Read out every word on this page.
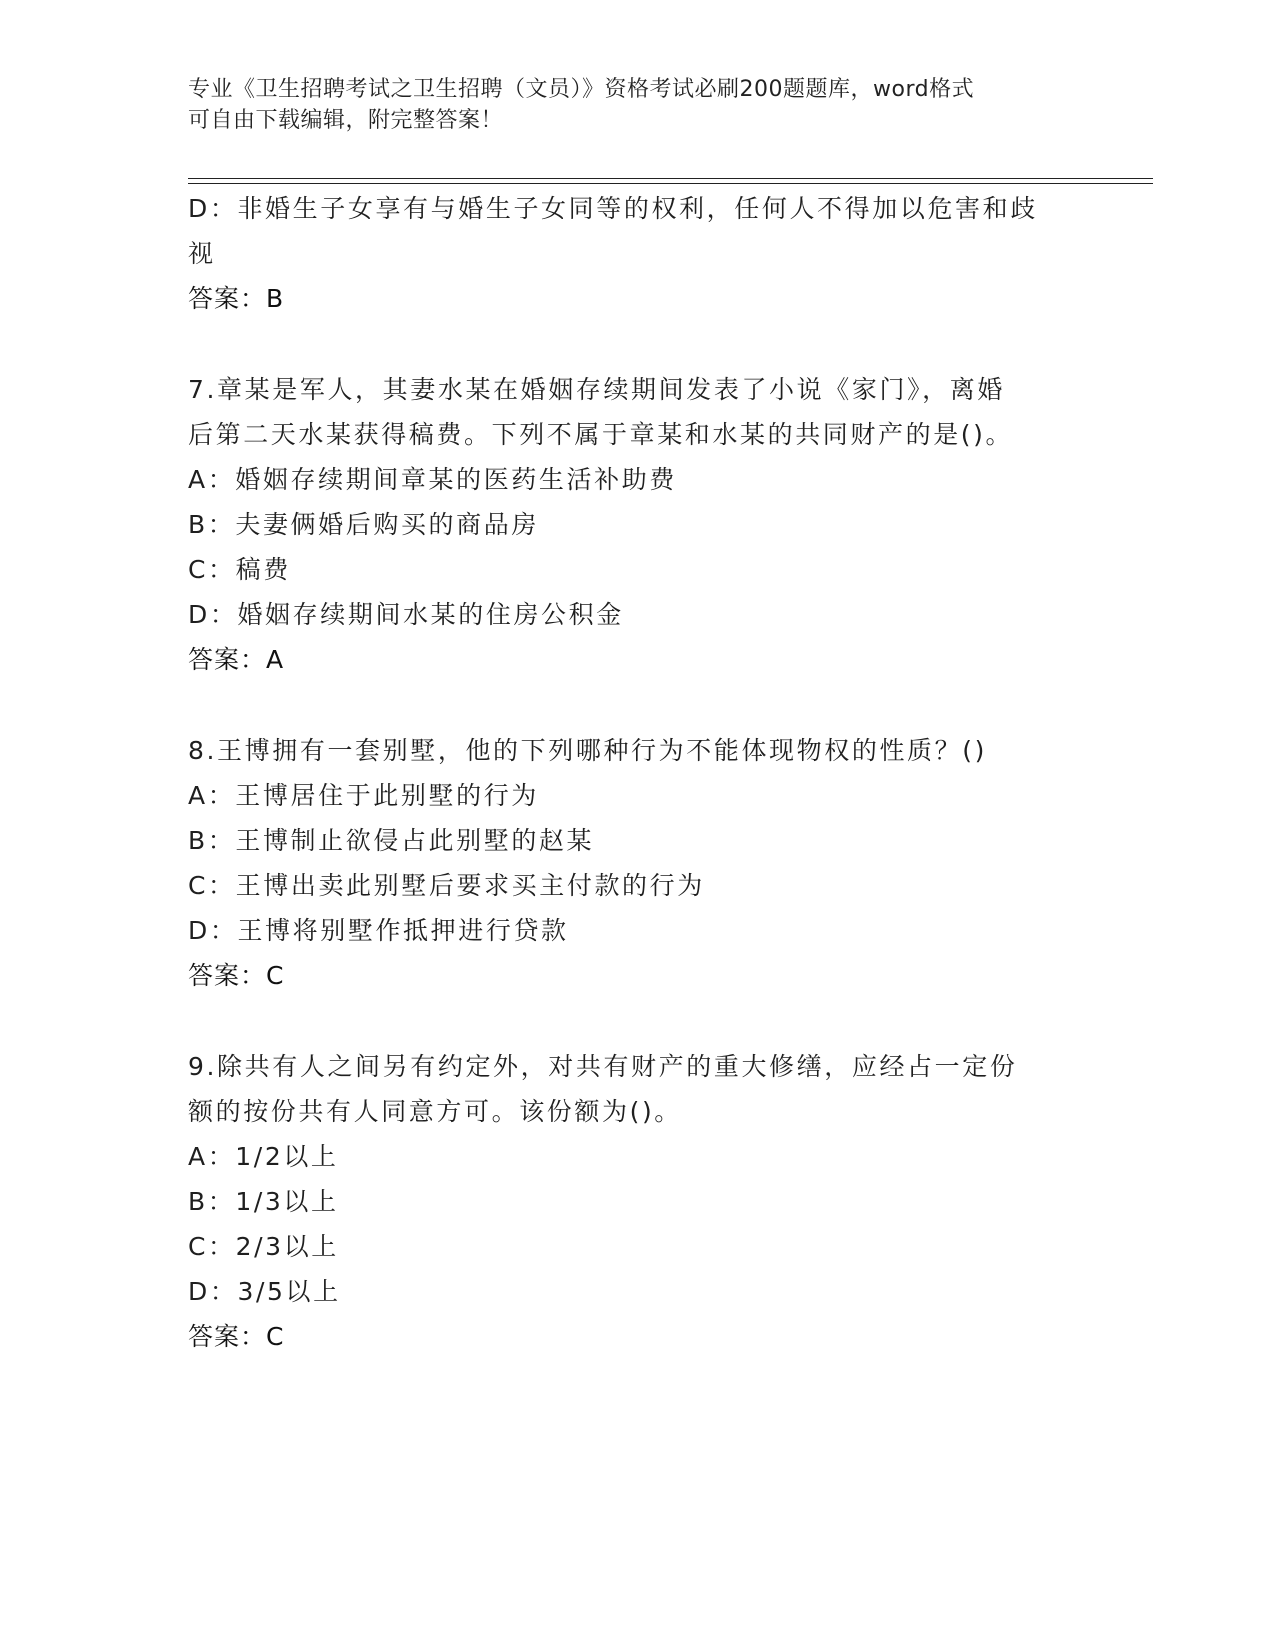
专业《卫生招聘考试之卫生招聘（文员）》资格考试必刷200题题库，word格式
可自由下载编辑，附完整答案！
D：非婚生子女享有与婚生子女同等的权利，任何人不得加以危害和歧
视
答案：B
7.章某是军人，其妻水某在婚姻存续期间发表了小说《家门》，离婚
后第二天水某获得稿费。下列不属于章某和水某的共同财产的是()。
A：婚姻存续期间章某的医药生活补助费
B：夫妻俩婚后购买的商品房
C：稿费
D：婚姻存续期间水某的住房公积金
答案：A
8.王博拥有一套别墅，他的下列哪种行为不能体现物权的性质？()
A：王博居住于此别墅的行为
B：王博制止欲侵占此别墅的赵某
C：王博出卖此别墅后要求买主付款的行为
D：王博将别墅作抵押进行贷款
答案：C
9.除共有人之间另有约定外，对共有财产的重大修缮，应经占一定份
额的按份共有人同意方可。该份额为()。
A：1/2以上
B：1/3以上
C：2/3以上
D：3/5以上
答案：C
